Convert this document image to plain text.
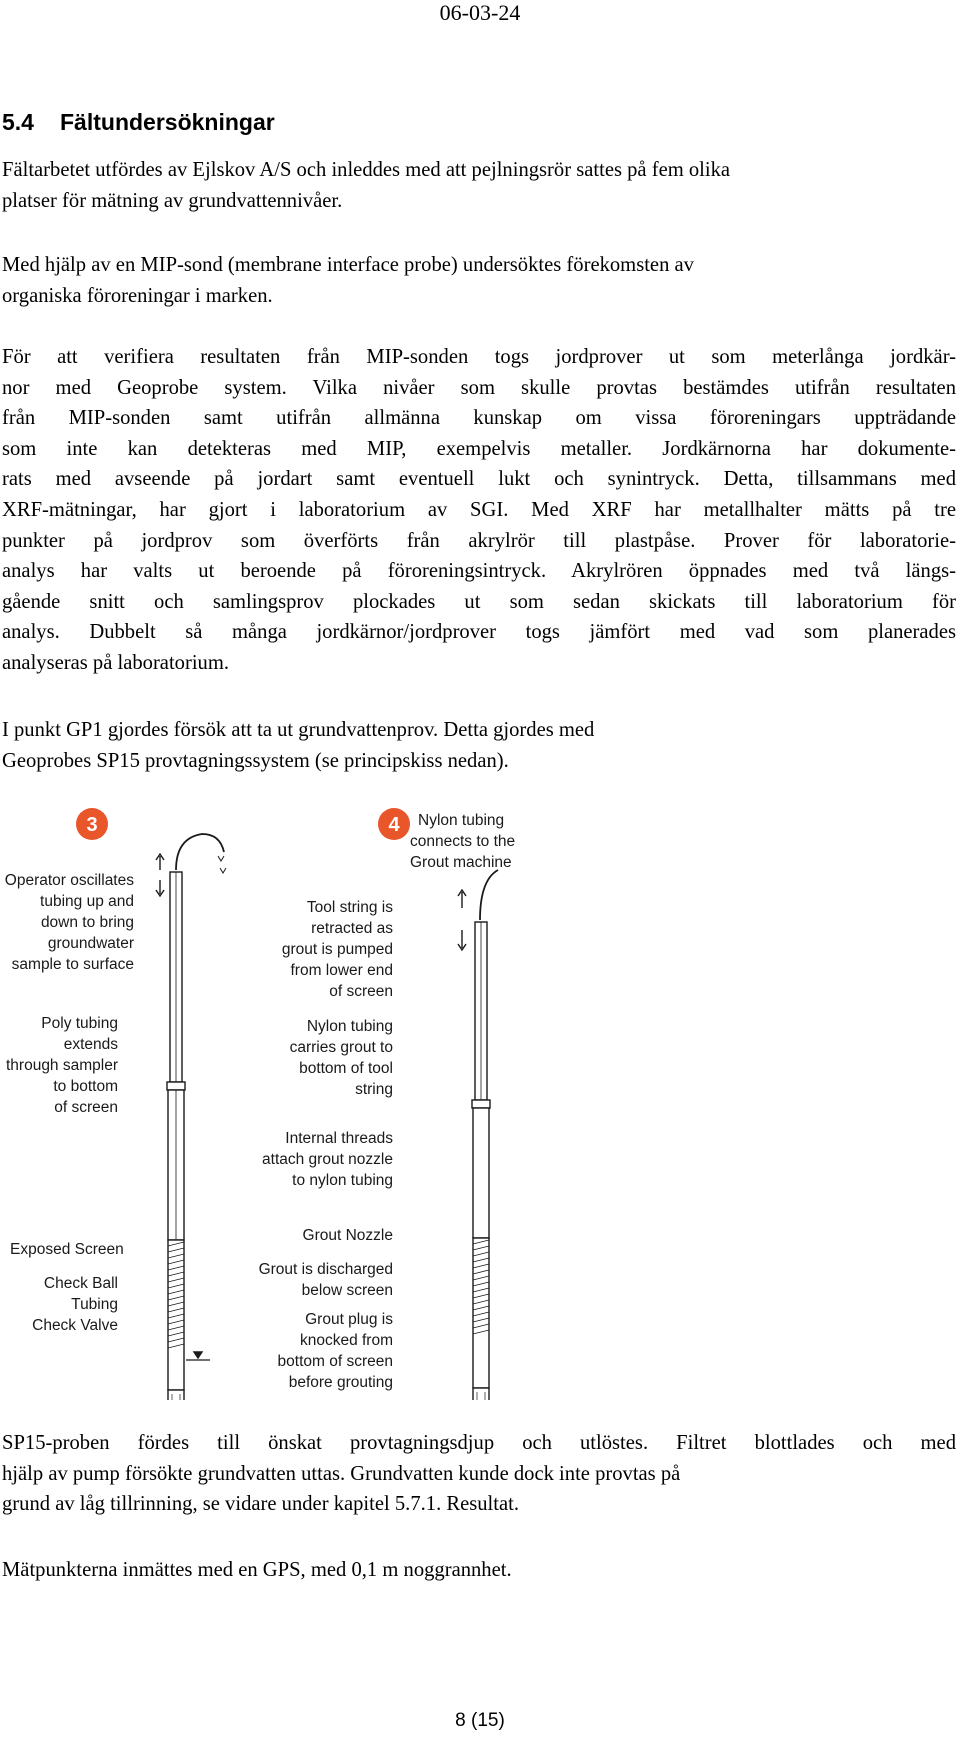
06-03-24
5.4 Fältundersökningar
Fältarbetet utfördes av Ejlskov A/S och inleddes med att pejlningsrör sattes på fem olika
platser för mätning av grundvattennivåer.
Med hjälp av en MIP-sond (membrane interface probe) undersöktes förekomsten av
organiska föroreningar i marken.
För att verifiera resultaten från MIP-sonden togs jordprover ut som meterlånga jordkär-
nor med Geoprobe system. Vilka nivåer som skulle provtas bestämdes utifrån resultaten
från MIP-sonden samt utifrån allmänna kunskap om vissa föroreningars uppträdande
som inte kan detekteras med MIP, exempelvis metaller. Jordkärnorna har dokumente-
rats med avseende på jordart samt eventuell lukt och synintryck. Detta, tillsammans med
XRF-mätningar, har gjort i laboratorium av SGI. Med XRF har metallhalter mätts på tre
punkter på jordprov som överförts från akrylrör till plastpåse. Prover för laboratorie-
analys har valts ut beroende på föroreningsintryck. Akrylrören öppnades med två längs-
gående snitt och samlingsprov plockades ut som sedan skickats till laboratorium för
analys. Dubbelt så många jordkärnor/jordprover togs jämfört med vad som planerades
analyseras på laboratorium.
I punkt GP1 gjordes försök att ta ut grundvattenprov. Detta gjordes med
Geoprobes SP15 provtagningssystem (se principskiss nedan).
3	4
Operator oscillates
tubing up and
down to bring
groundwater
sample to surface
Poly tubing
extends
through sampler
to bottom
of screen
Exposed Screen
Check Ball
Tubing
Check Valve
Nylon tubing
connects to the
Grout machine
Tool string is
retracted as
grout is pumped
from lower end
of screen
Nylon tubing
carries grout to
bottom of tool
string
Internal threads
attach grout nozzle
to nylon tubing
Grout Nozzle
Grout is discharged
below screen
Grout plug is
knocked from
bottom of screen
before grouting
SP15-proben fördes till önskat provtagningsdjup och utlöstes. Filtret blottlades och med
hjälp av pump försökte grundvatten uttas. Grundvatten kunde dock inte provtas på
grund av låg tillrinning, se vidare under kapitel 5.7.1. Resultat.
Mätpunkterna inmättes med en GPS, med 0,1 m noggrannhet.
8 (15)
